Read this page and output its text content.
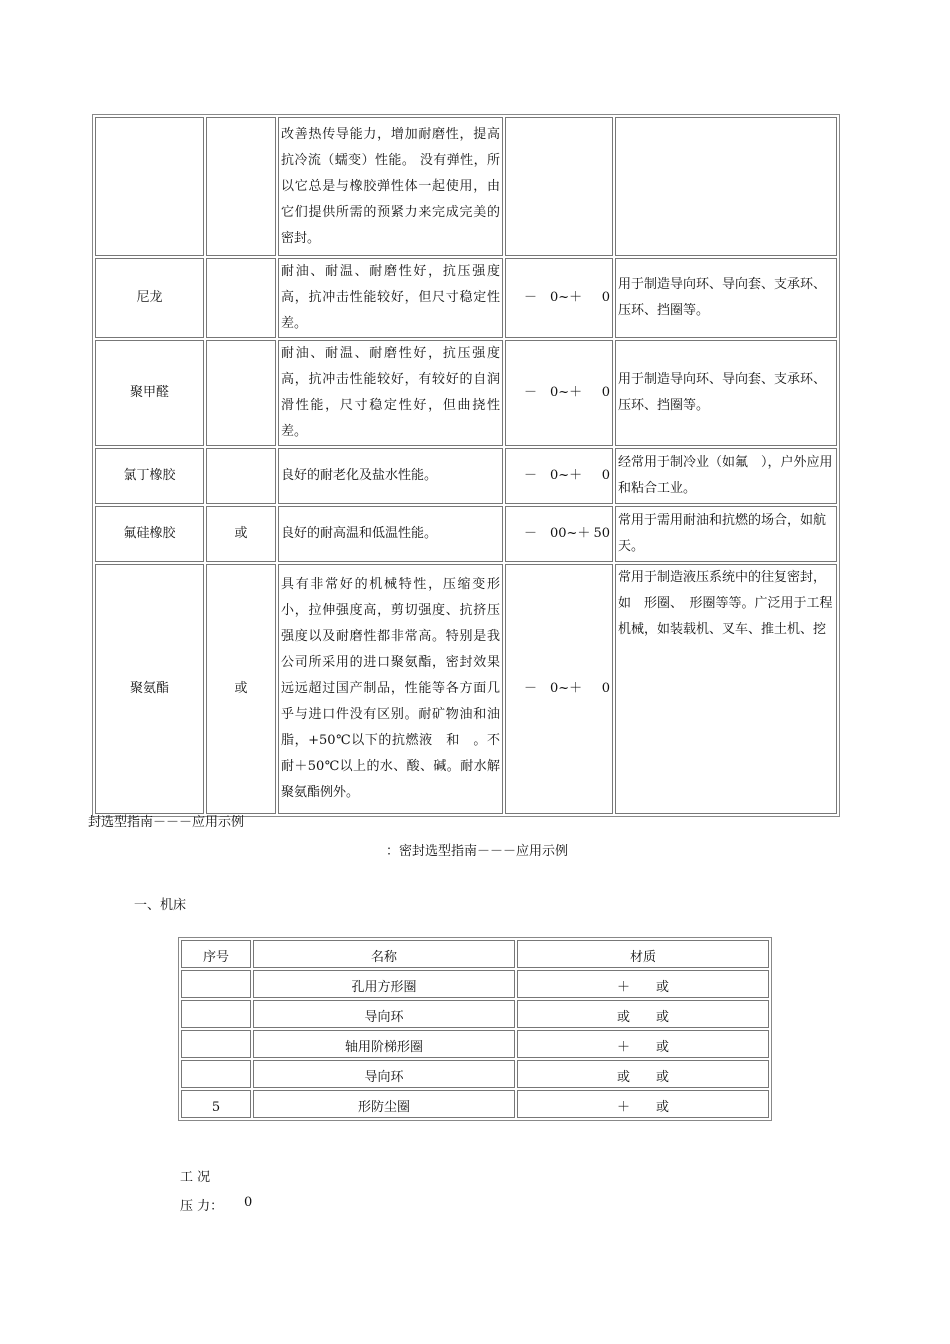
		改善热传导能力，增加耐磨性，提高抗冷流（蠕变）性能。 没有弹性，所以它总是与橡胶弹性体一起使用，由它们提供所需的预紧力来完成完美的密封。	

尼龙		耐油、耐温、耐磨性好，抗压强度高，抗冲击性能较好，但尺寸稳定性差。	－　0~＋ 0	用于制造导向环、导向套、支承环、压环、挡圈等。
聚甲醛		耐油、耐温、耐磨性好，抗压强度高，抗冲击性能较好，有较好的自润滑性能，尺寸稳定性好，但曲挠性差。	－　0~＋ 0	用于制造导向环、导向套、支承环、压环、挡圈等。
氯丁橡胶		良好的耐老化及盐水性能。	－　0~＋ 0	经常用于制冷业（如氟　），户外应用和粘合工业。
氟硅橡胶	或	良好的耐高温和低温性能。	－　00~＋ 50	常用于需用耐油和抗燃的场合，如航天。
聚氨酯	或	具有非常好的机械特性，压缩变形小，拉伸强度高，剪切强度、抗挤压强度以及耐磨性都非常高。特别是我公司所采用的进口聚氨酯，密封效果远远超过国产制品，性能等各方面几乎与进口件没有区别。耐矿物油和油脂，+50℃以下的抗燃液　和　。不耐＋50℃以上的水、酸、碱。耐水解聚氨酯例外。	－　0~＋ 0	常用于制造液压系统中的往复密封，如　形圈、　形圈等等。广泛用于工程机械，如装载机、叉车、推土机、挖
封选型指南－－－应用示例
：密封选型指南－－－应用示例
一、机床
序号	名称	材质
	孔用方形圈	＋　　或
	导向环	或　　或
	轴用阶梯形圈	＋　　或
	导向环	或　　或
5	形防尘圈	＋　　或
工 况
压 力： 0
